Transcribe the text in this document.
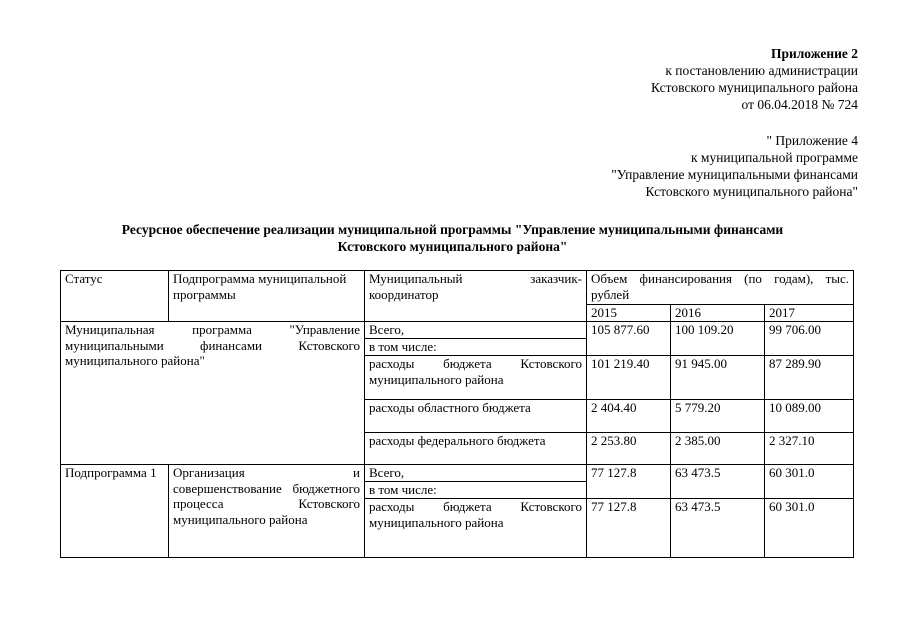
Приложение 2
к постановлению администрации
Кстовского муниципального района
от 06.04.2018 № 724
" Приложение 4
к муниципальной программе
"Управление муниципальными финансами
Кстовского муниципального района"
Ресурсное обеспечение реализации муниципальной программы "Управление муниципальными финансами
Кстовского муниципального района"
Статус	Подпрограмма муниципальной программы	Муниципальный заказчик-координатор	Объем финансирования (по годам), тыс. рублей		
			2015	2016	2017
Муниципальная программа "Управление муниципальными финансами Кстовского муниципального района"		Всего,	105 877.60	100 109.20	99 706.00
		в том числе:			
		расходы бюджета Кстовского муниципального района	101 219.40	91 945.00	87 289.90
		расходы областного бюджета	2 404.40	5 779.20	10 089.00
		расходы федерального бюджета	2 253.80	2 385.00	2 327.10
Подпрограмма 1	Организация и совершенствование бюджетного процесса Кстовского муниципального района	Всего,	77 127.8	63 473.5	60 301.0
		в том числе:			
		расходы бюджета Кстовского муниципального района	77 127.8	63 473.5	60 301.0
